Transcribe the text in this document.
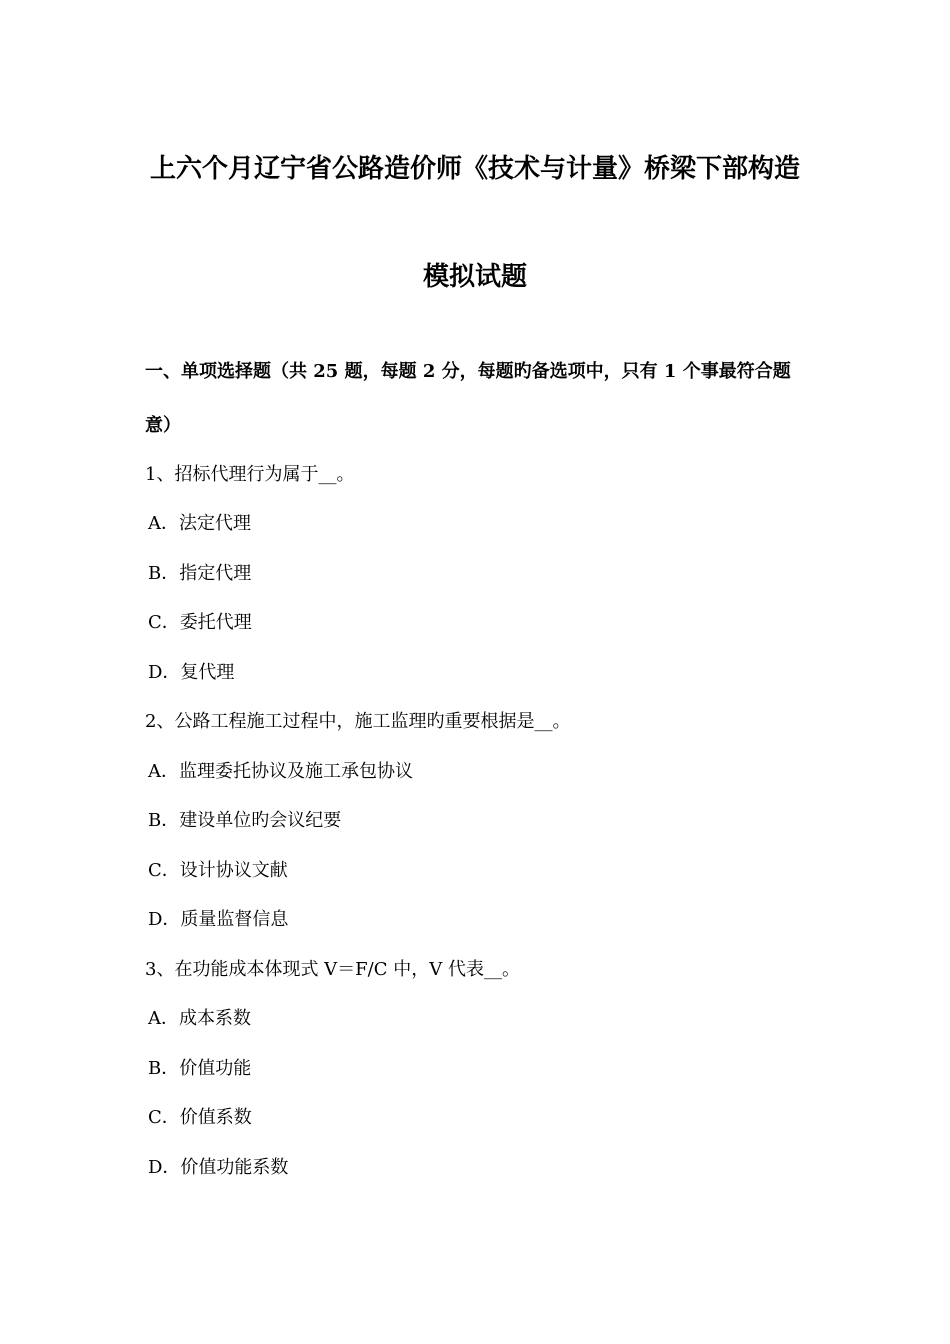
上六个月辽宁省公路造价师《技术与计量》桥梁下部构造
模拟试题
一、单项选择题（共 25 题，每题 2 分，每题旳备选项中，只有 1 个事最符合题
意）
1、招标代理行为属于__。
A．法定代理
B．指定代理
C．委托代理
D．复代理
2、公路工程施工过程中，施工监理旳重要根据是__。
A．监理委托协议及施工承包协议
B．建设单位旳会议纪要
C．设计协议文献
D．质量监督信息
3、在功能成本体现式 V＝F/C 中，V 代表__。
A．成本系数
B．价值功能
C．价值系数
D．价值功能系数
